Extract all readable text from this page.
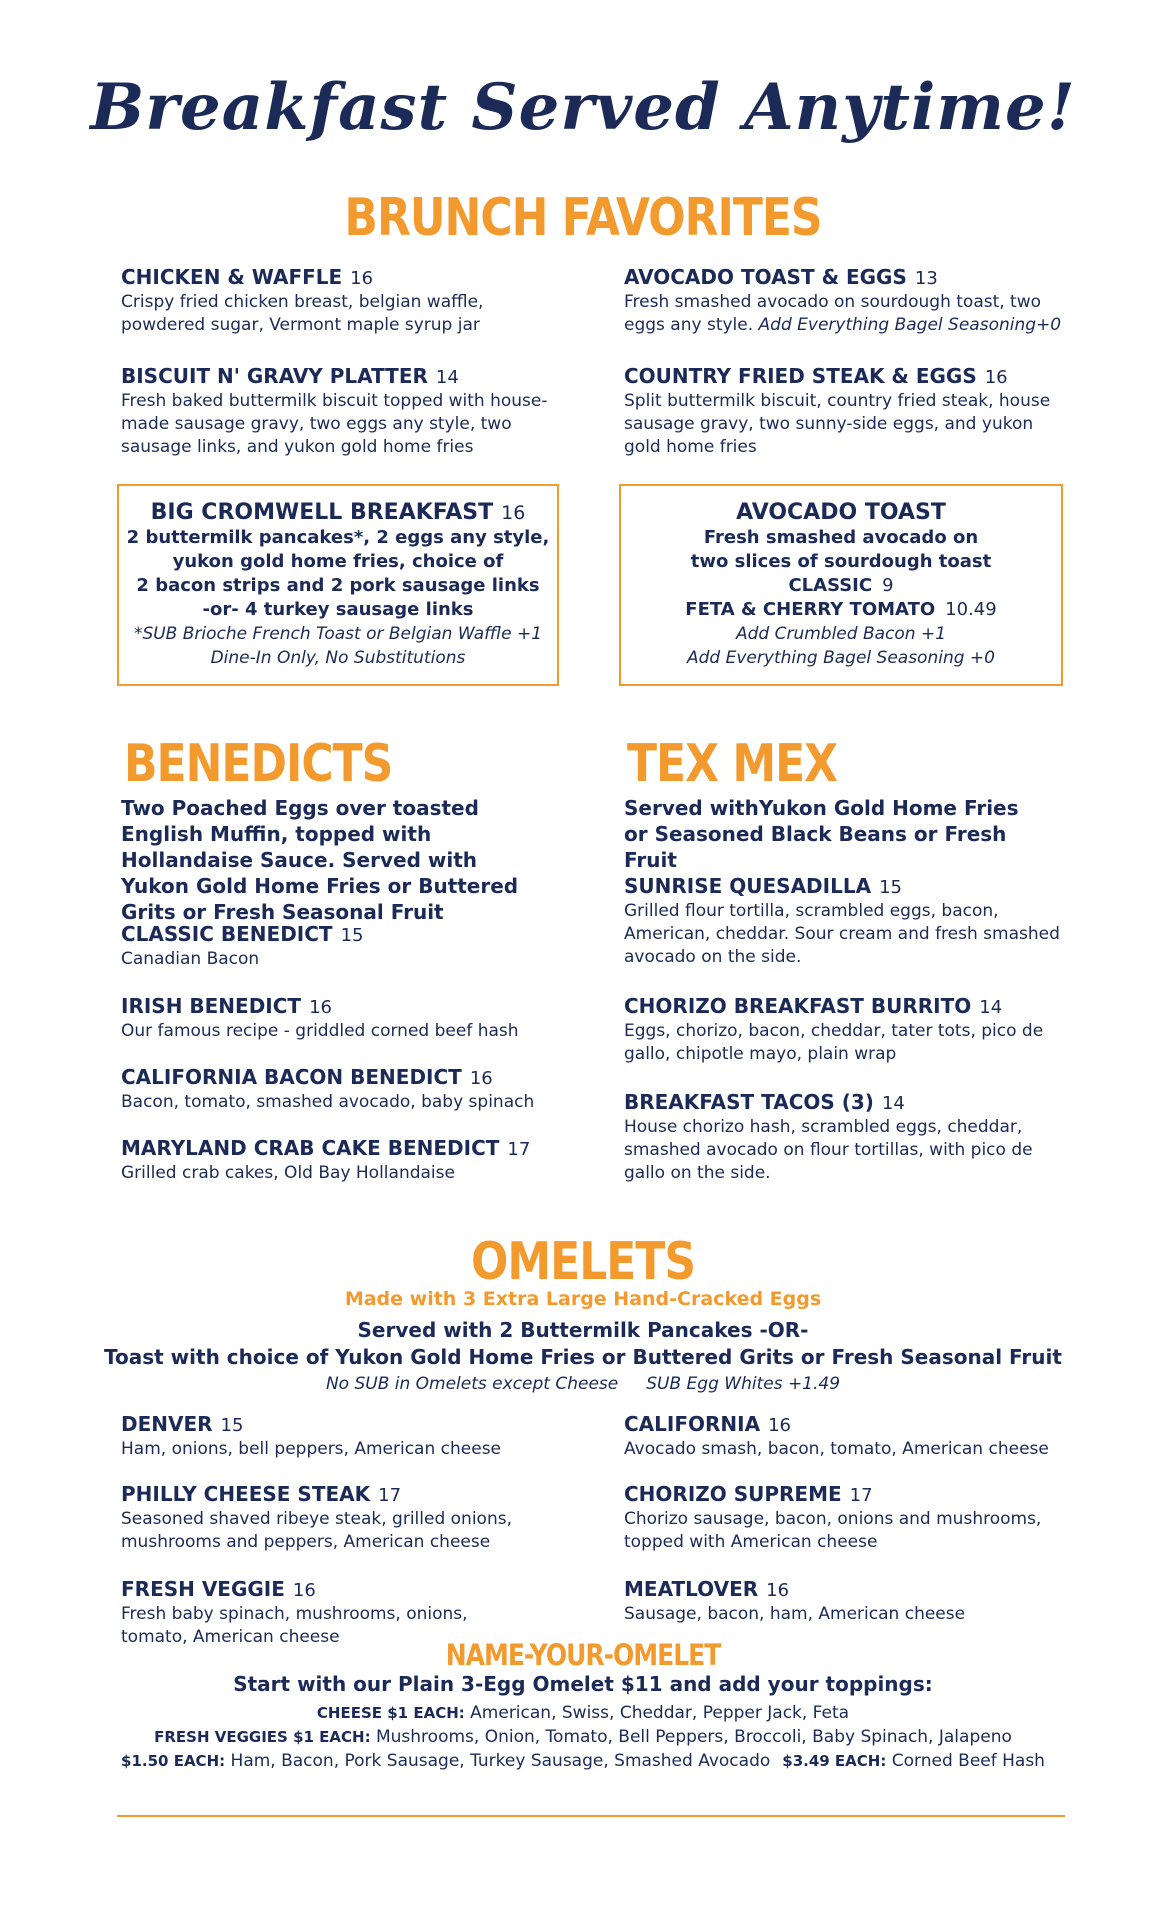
Breakfast Served Anytime!
BRUNCH FAVORITES
CHICKEN & WAFFLE 16
Crispy fried chicken breast, belgian waffle, powdered sugar, Vermont maple syrup jar
AVOCADO TOAST & EGGS 13
Fresh smashed avocado on sourdough toast, two eggs any style. Add Everything Bagel Seasoning+0
BISCUIT N' GRAVY PLATTER 14
Fresh baked buttermilk biscuit topped with house-made sausage gravy, two eggs any style, two sausage links, and yukon gold home fries
COUNTRY FRIED STEAK & EGGS 16
Split buttermilk biscuit, country fried steak, house sausage gravy, two sunny-side eggs, and yukon gold home fries
BIG CROMWELL BREAKFAST 16
2 buttermilk pancakes*, 2 eggs any style,
yukon gold home fries, choice of
2 bacon strips and 2 pork sausage links
-or- 4 turkey sausage links
*SUB Brioche French Toast or Belgian Waffle +1
Dine-In Only, No Substitutions
AVOCADO TOAST
Fresh smashed avocado on
two slices of sourdough toast
CLASSIC 9
FETA & CHERRY TOMATO 10.49
Add Crumbled Bacon +1
Add Everything Bagel Seasoning +0
BENEDICTS
Two Poached Eggs over toasted English Muffin, topped with Hollandaise Sauce. Served with Yukon Gold Home Fries or Buttered Grits or Fresh Seasonal Fruit
CLASSIC BENEDICT 15
Canadian Bacon
IRISH BENEDICT 16
Our famous recipe - griddled corned beef hash
CALIFORNIA BACON BENEDICT 16
Bacon, tomato, smashed avocado, baby spinach
MARYLAND CRAB CAKE BENEDICT 17
Grilled crab cakes, Old Bay Hollandaise
TEX MEX
Served withYukon Gold Home Fries or Seasoned Black Beans or Fresh Fruit
SUNRISE QUESADILLA 15
Grilled flour tortilla, scrambled eggs, bacon, American, cheddar. Sour cream and fresh smashed avocado on the side.
CHORIZO BREAKFAST BURRITO 14
Eggs, chorizo, bacon, cheddar, tater tots, pico de gallo, chipotle mayo, plain wrap
BREAKFAST TACOS (3) 14
House chorizo hash, scrambled eggs, cheddar, smashed avocado on flour tortillas, with pico de gallo on the side.
OMELETS
Made with 3 Extra Large Hand-Cracked Eggs
Served with 2 Buttermilk Pancakes -OR-
Toast with choice of Yukon Gold Home Fries or Buttered Grits or Fresh Seasonal Fruit
No SUB in Omelets except Cheese SUB Egg Whites +1.49
DENVER 15
Ham, onions, bell peppers, American cheese
CALIFORNIA 16
Avocado smash, bacon, tomato, American cheese
PHILLY CHEESE STEAK 17
Seasoned shaved ribeye steak, grilled onions, mushrooms and peppers, American cheese
CHORIZO SUPREME 17
Chorizo sausage, bacon, onions and mushrooms, topped with American cheese
FRESH VEGGIE 16
Fresh baby spinach, mushrooms, onions, tomato, American cheese
MEATLOVER 16
Sausage, bacon, ham, American cheese
NAME-YOUR-OMELET
Start with our Plain 3-Egg Omelet $11 and add your toppings:
CHEESE $1 EACH: American, Swiss, Cheddar, Pepper Jack, Feta
FRESH VEGGIES $1 EACH: Mushrooms, Onion, Tomato, Bell Peppers, Broccoli, Baby Spinach, Jalapeno
$1.50 EACH: Ham, Bacon, Pork Sausage, Turkey Sausage, Smashed Avocado $3.49 EACH: Corned Beef Hash
